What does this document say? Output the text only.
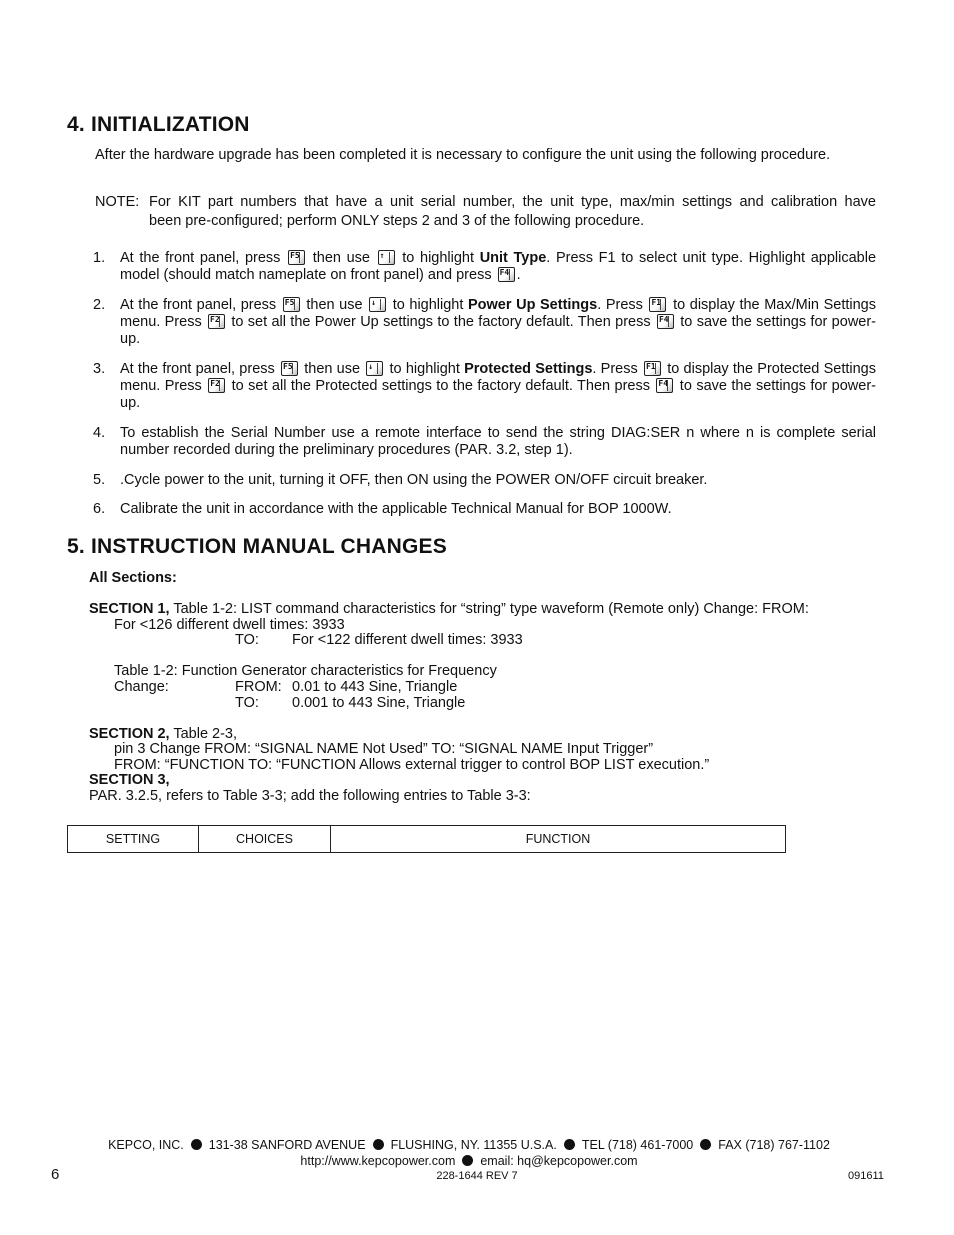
4. INITIALIZATION
After the hardware upgrade has been completed it is necessary to configure the unit using the following procedure.
NOTE: For KIT part numbers that have a unit serial number, the unit type, max/min settings and calibration have
been pre-configured; perform ONLY steps 2 and 3 of the following procedure.
1. At the front panel, press F5 then use ↑ to highlight Unit Type. Press F1 to select unit type. Highlight applicable model (should match nameplate on front panel) and press F4 .
2. At the front panel, press F5 then use ↓ to highlight Power Up Settings. Press F1 to display the Max/Min Settings menu. Press F2 to set all the Power Up settings to the factory default. Then press F4 to save the settings for power-up.
3. At the front panel, press F5 then use ↓ to highlight Protected Settings. Press F1 to display the Protected Settings menu. Press F2 to set all the Protected settings to the factory default. Then press F4 to save the settings for power-up.
4. To establish the Serial Number use a remote interface to send the string DIAG:SER n where n is complete serial number recorded during the preliminary procedures (PAR. 3.2, step 1).
5. .Cycle power to the unit, turning it OFF, then ON using the POWER ON/OFF circuit breaker.
6. Calibrate the unit in accordance with the applicable Technical Manual for BOP 1000W.
5. INSTRUCTION MANUAL CHANGES
All Sections:
SECTION 1, Table 1-2: LIST command characteristics for “string” type waveform (Remote only) Change: FROM:
For <126 different dwell times: 3933
TO: For <122 different dwell times: 3933
Table 1-2: Function Generator characteristics for Frequency
Change:	FROM: 0.01 to 443 Sine, Triangle
TO: 0.001 to 443 Sine, Triangle
SECTION 2, Table 2-3,
pin 3 Change FROM: “SIGNAL NAME Not Used” TO: “SIGNAL NAME Input Trigger”
FROM: “FUNCTION TO: “FUNCTION Allows external trigger to control BOP LIST execution.”
SECTION 3,
PAR. 3.2.5, refers to Table 3-3; add the following entries to Table 3-3:
SETTING	CHOICES	FUNCTION
KEPCO, INC. 131-38 SANFORD AVENUE FLUSHING, NY. 11355 U.S.A. TEL (718) 461-7000 FAX (718) 767-1102
http://www.kepcopower.com email: hq@kepcopower.com
6	228-1644 REV 7	091611
